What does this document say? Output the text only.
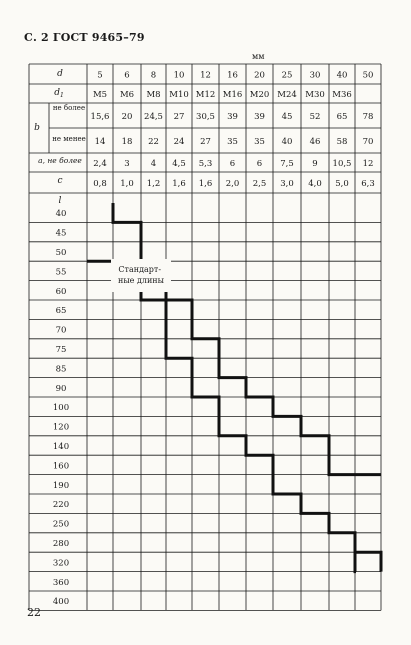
С. 2 ГОСТ 9465–79
мм
22
5	6 8 10 12 16 20 25 30 40 50
М5 М6 М8 М10 М12 М16 М20 М24 М30 М36
15,6 20 24,5 27 30,5 39 39 45 52 65 78
14 18 22 24 27 35 35 40 46 58 70
2,4 3 4 4,5 5,3 6	6 7,5 9 10,5 12
0,8 1,0 1,2 1,6 1,6 2,0 2,5 3,0 4,0 5,0 6,3
40
45
50
55
60
65
70
75
85
90
100
120
140
160
190
220
250
280
320
360
400
d
$d_1$
b
не более
не менее
a, не более
c
l
Стандарт- ные длины
